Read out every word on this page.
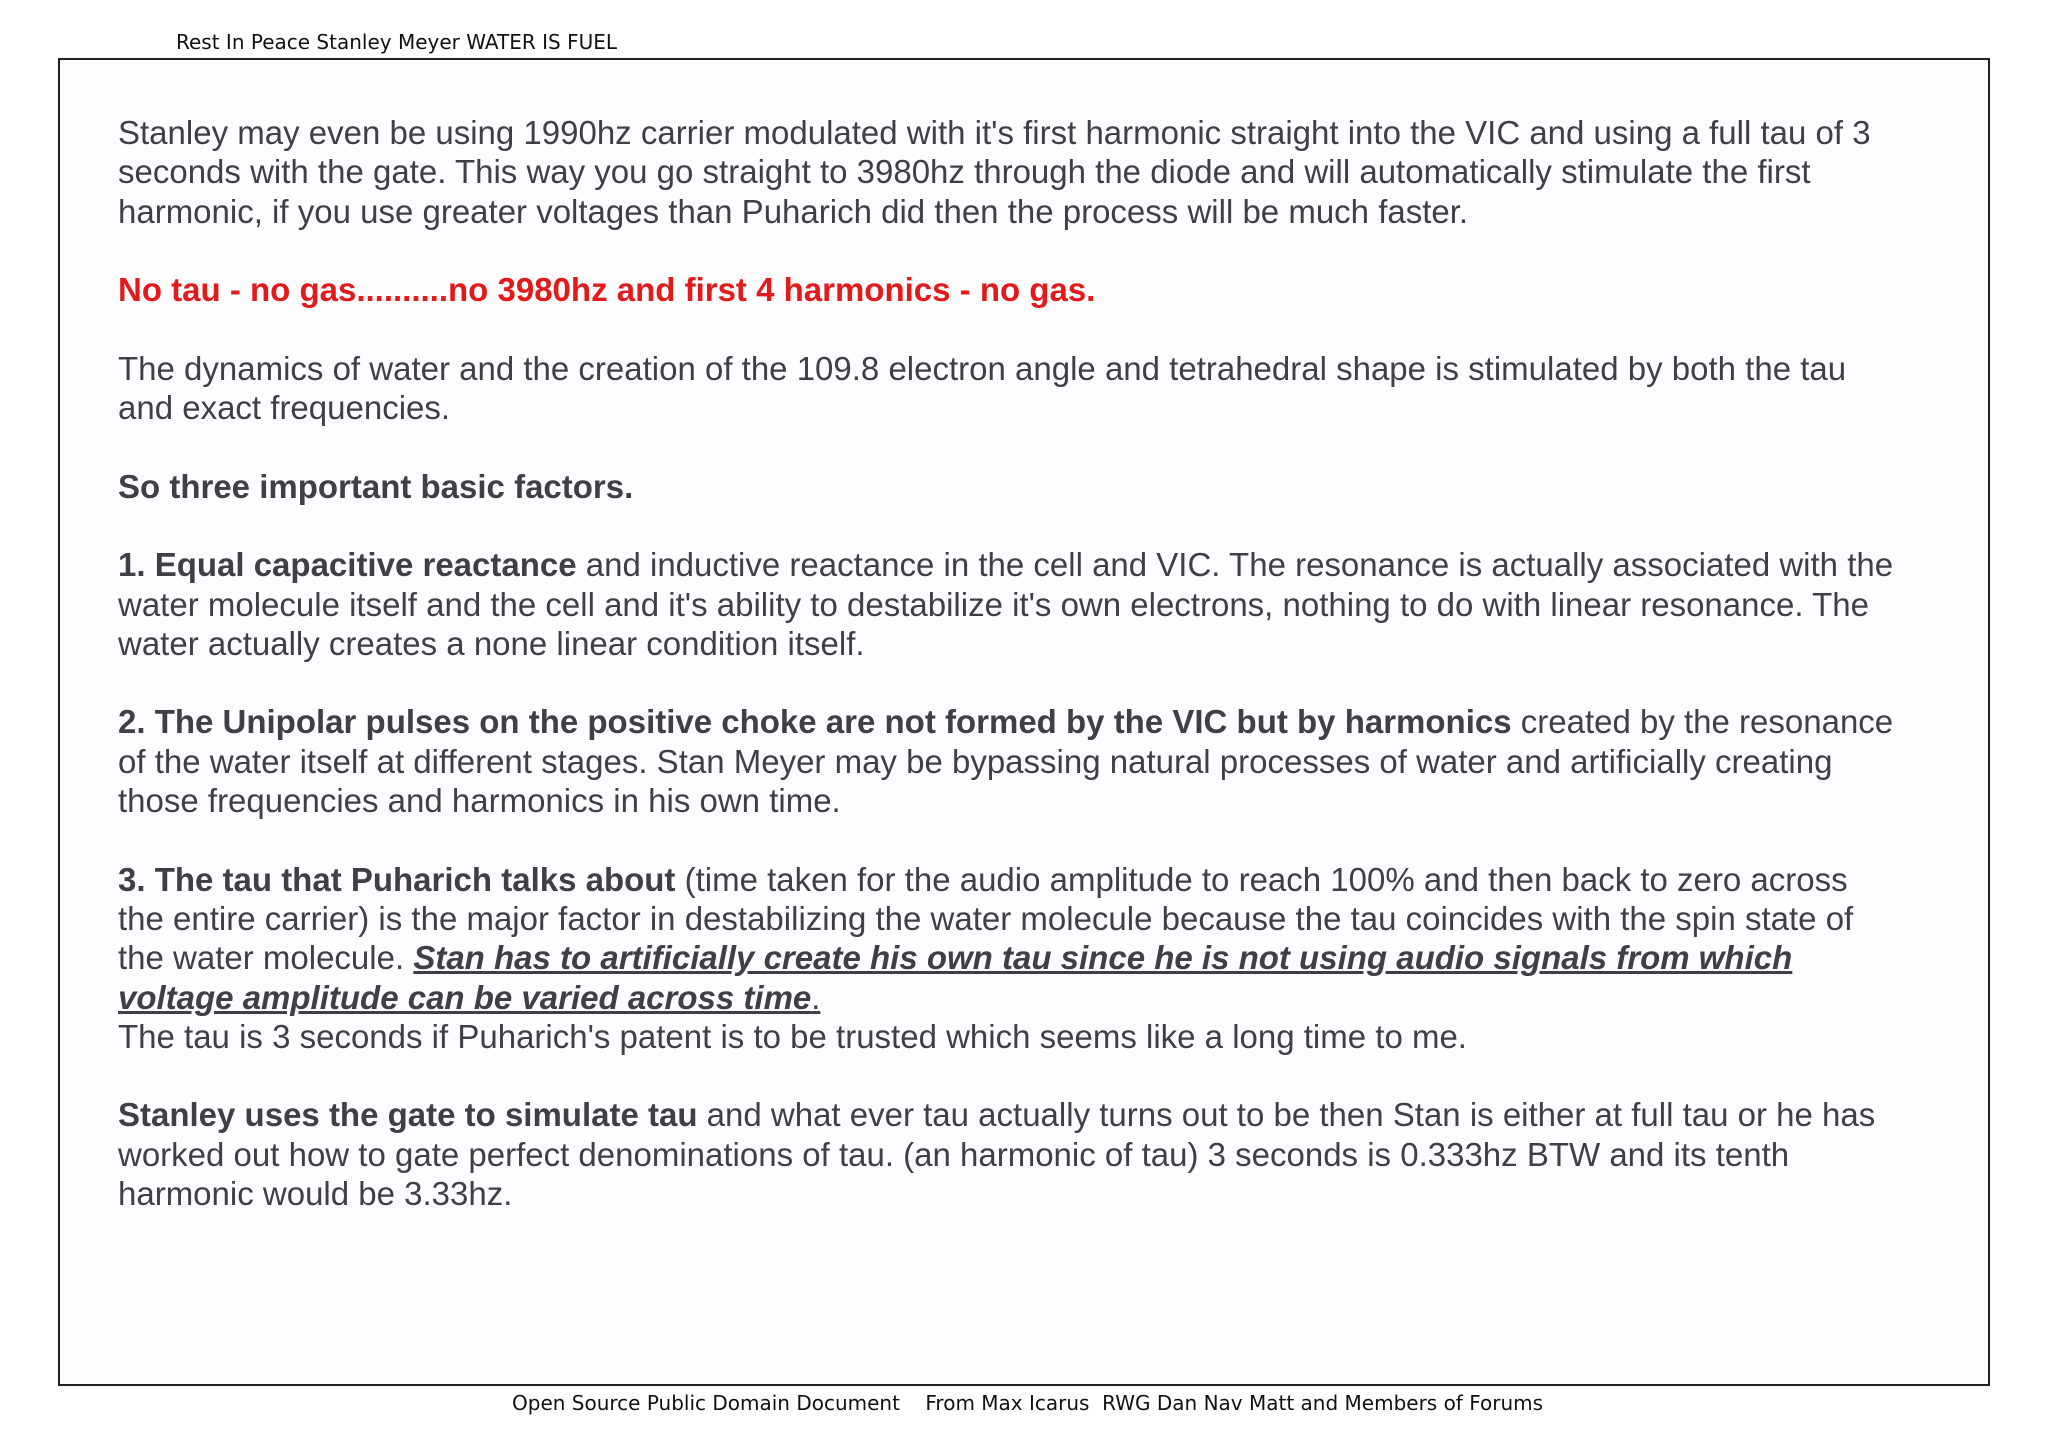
Rest In Peace Stanley Meyer WATER IS FUEL

Stanley may even be using 1990hz carrier modulated with it's first harmonic straight into the VIC and using a full tau of 3 seconds with the gate. This way you go straight to 3980hz through the diode and will automatically stimulate the first harmonic, if you use greater voltages than Puharich did then the process will be much faster.

No tau - no gas..........no 3980hz and first 4 harmonics - no gas.

The dynamics of water and the creation of the 109.8 electron angle and tetrahedral shape is stimulated by both the tau and exact frequencies.

So three important basic factors.

1. Equal capacitive reactance and inductive reactance in the cell and VIC. The resonance is actually associated with the water molecule itself and the cell and it's ability to destabilize it's own electrons, nothing to do with linear resonance. The water actually creates a none linear condition itself.

2. The Unipolar pulses on the positive choke are not formed by the VIC but by harmonics created by the resonance of the water itself at different stages. Stan Meyer may be bypassing natural processes of water and artificially creating those frequencies and harmonics in his own time.

3. The tau that Puharich talks about (time taken for the audio amplitude to reach 100% and then back to zero across the entire carrier) is the major factor in destabilizing the water molecule because the tau coincides with the spin state of the water molecule. Stan has to artificially create his own tau since he is not using audio signals from which voltage amplitude can be varied across time.

The tau is 3 seconds if Puharich's patent is to be trusted which seems like a long time to me.

Stanley uses the gate to simulate tau and what ever tau actually turns out to be then Stan is either at full tau or he has worked out how to gate perfect denominations of tau. (an harmonic of tau) 3 seconds is 0.333hz BTW and its tenth harmonic would be 3.33hz.

Open Source Public Domain Document    From Max Icarus  RWG Dan Nav Matt and Members of Forums
